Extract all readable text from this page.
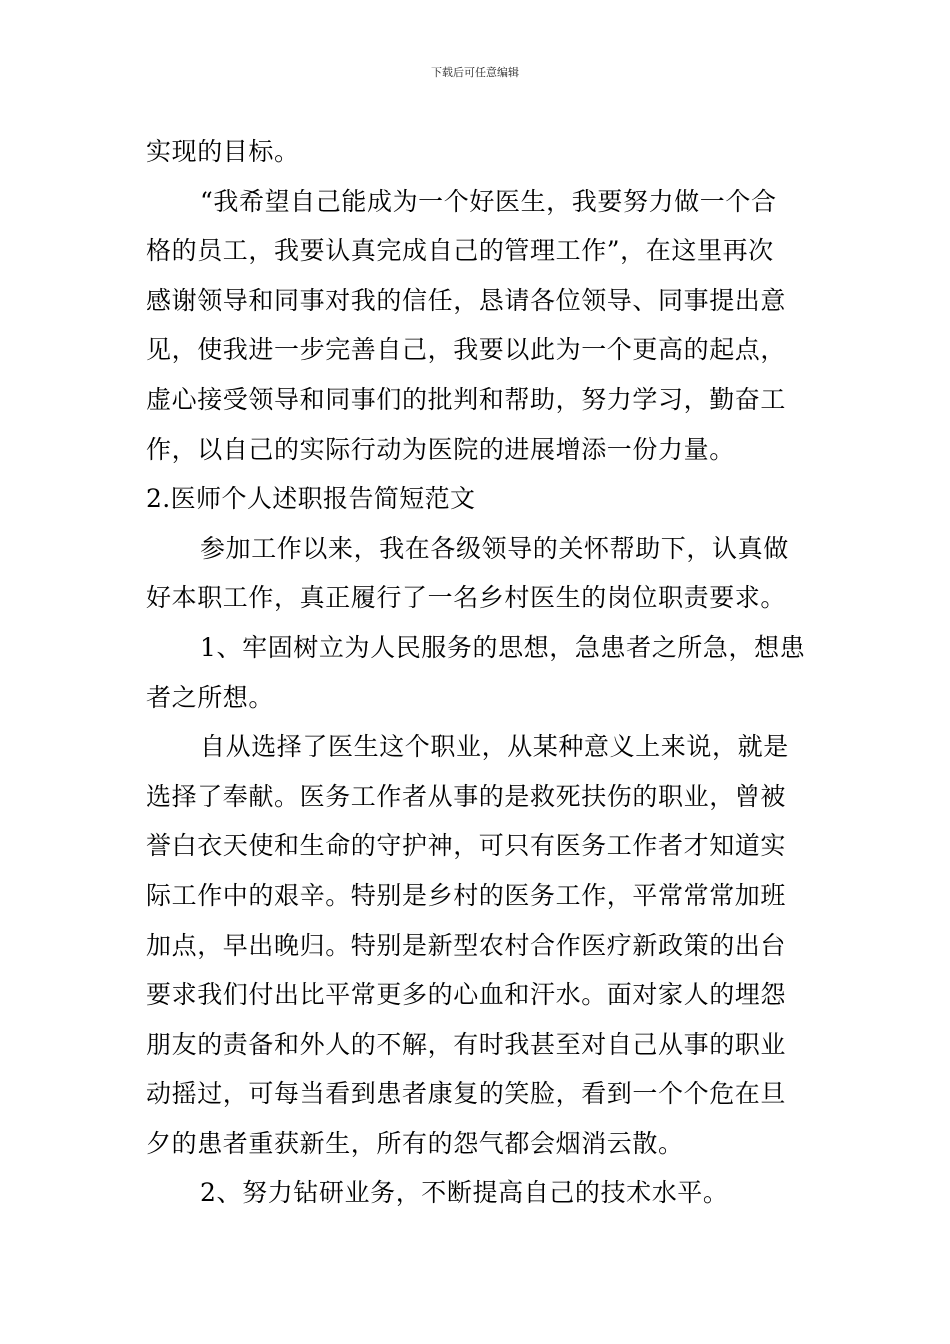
下载后可任意编辑
实现的目标。
“我希望自己能成为一个好医生，我要努力做一个合
格的员工，我要认真完成自己的管理工作”，在这里再次
感谢领导和同事对我的信任，恳请各位领导、同事提出意
见，使我进一步完善自己，我要以此为一个更高的起点，
虚心接受领导和同事们的批判和帮助，努力学习，勤奋工
作，以自己的实际行动为医院的进展增添一份力量。
2.医师个人述职报告简短范文
参加工作以来，我在各级领导的关怀帮助下，认真做
好本职工作，真正履行了一名乡村医生的岗位职责要求。
1、牢固树立为人民服务的思想，急患者之所急，想患
者之所想。
自从选择了医生这个职业，从某种意义上来说，就是
选择了奉献。医务工作者从事的是救死扶伤的职业，曾被
誉白衣天使和生命的守护神，可只有医务工作者才知道实
际工作中的艰辛。特别是乡村的医务工作，平常常常加班
加点，早出晚归。特别是新型农村合作医疗新政策的出台
要求我们付出比平常更多的心血和汗水。面对家人的埋怨
朋友的责备和外人的不解，有时我甚至对自己从事的职业
动摇过，可每当看到患者康复的笑脸，看到一个个危在旦
夕的患者重获新生，所有的怨气都会烟消云散。
2、努力钻研业务，不断提高自己的技术水平。
